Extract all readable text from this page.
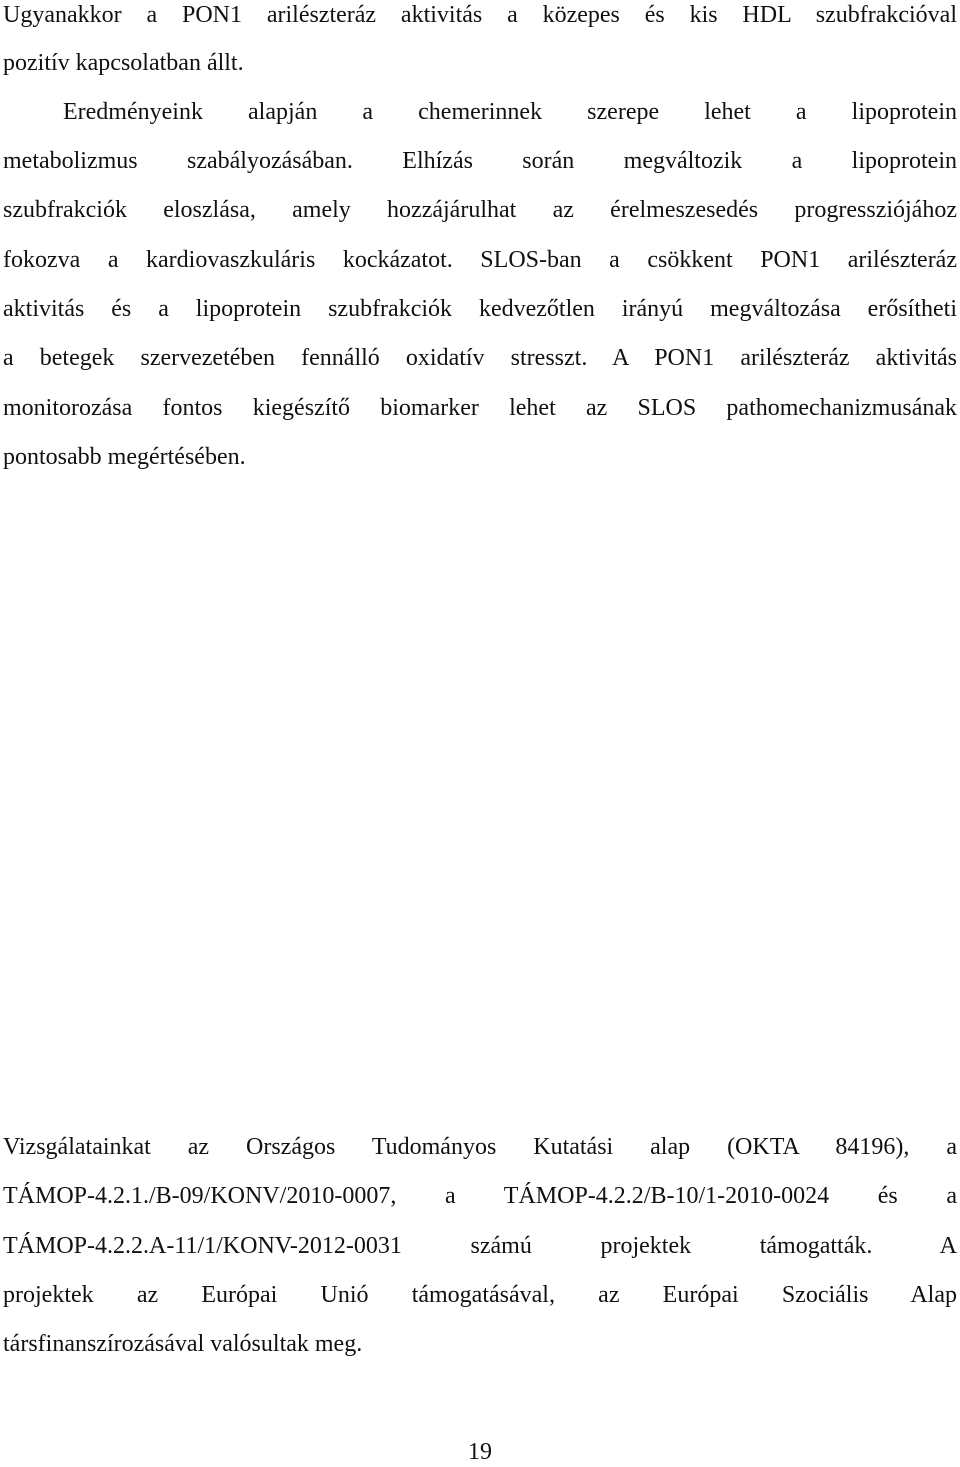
Ugyanakkor a PON1 arilészteráz aktivitás a közepes és kis HDL szubfrakcióval
pozitív kapcsolatban állt.
Eredményeink alapján a chemerinnek szerepe lehet a lipoprotein
metabolizmus szabályozásában. Elhízás során megváltozik a lipoprotein
szubfrakciók eloszlása, amely hozzájárulhat az érelmeszesedés progressziójához
fokozva a kardiovaszkuláris kockázatot. SLOS-ban a csökkent PON1 arilészteráz
aktivitás és a lipoprotein szubfrakciók kedvezőtlen irányú megváltozása erősítheti
a betegek szervezetében fennálló oxidatív stresszt. A PON1 arilészteráz aktivitás
monitorozása fontos kiegészítő biomarker lehet az SLOS pathomechanizmusának
pontosabb megértésében.
Vizsgálatainkat az Országos Tudományos Kutatási alap (OKTA 84196), a
TÁMOP-4.2.1./B-09/KONV/2010-0007, a TÁMOP-4.2.2/B-10/1-2010-0024 és a
TÁMOP-4.2.2.A-11/1/KONV-2012-0031 számú projektek támogatták. A
projektek az Európai Unió támogatásával, az Európai Szociális Alap
társfinanszírozásával valósultak meg.
19
